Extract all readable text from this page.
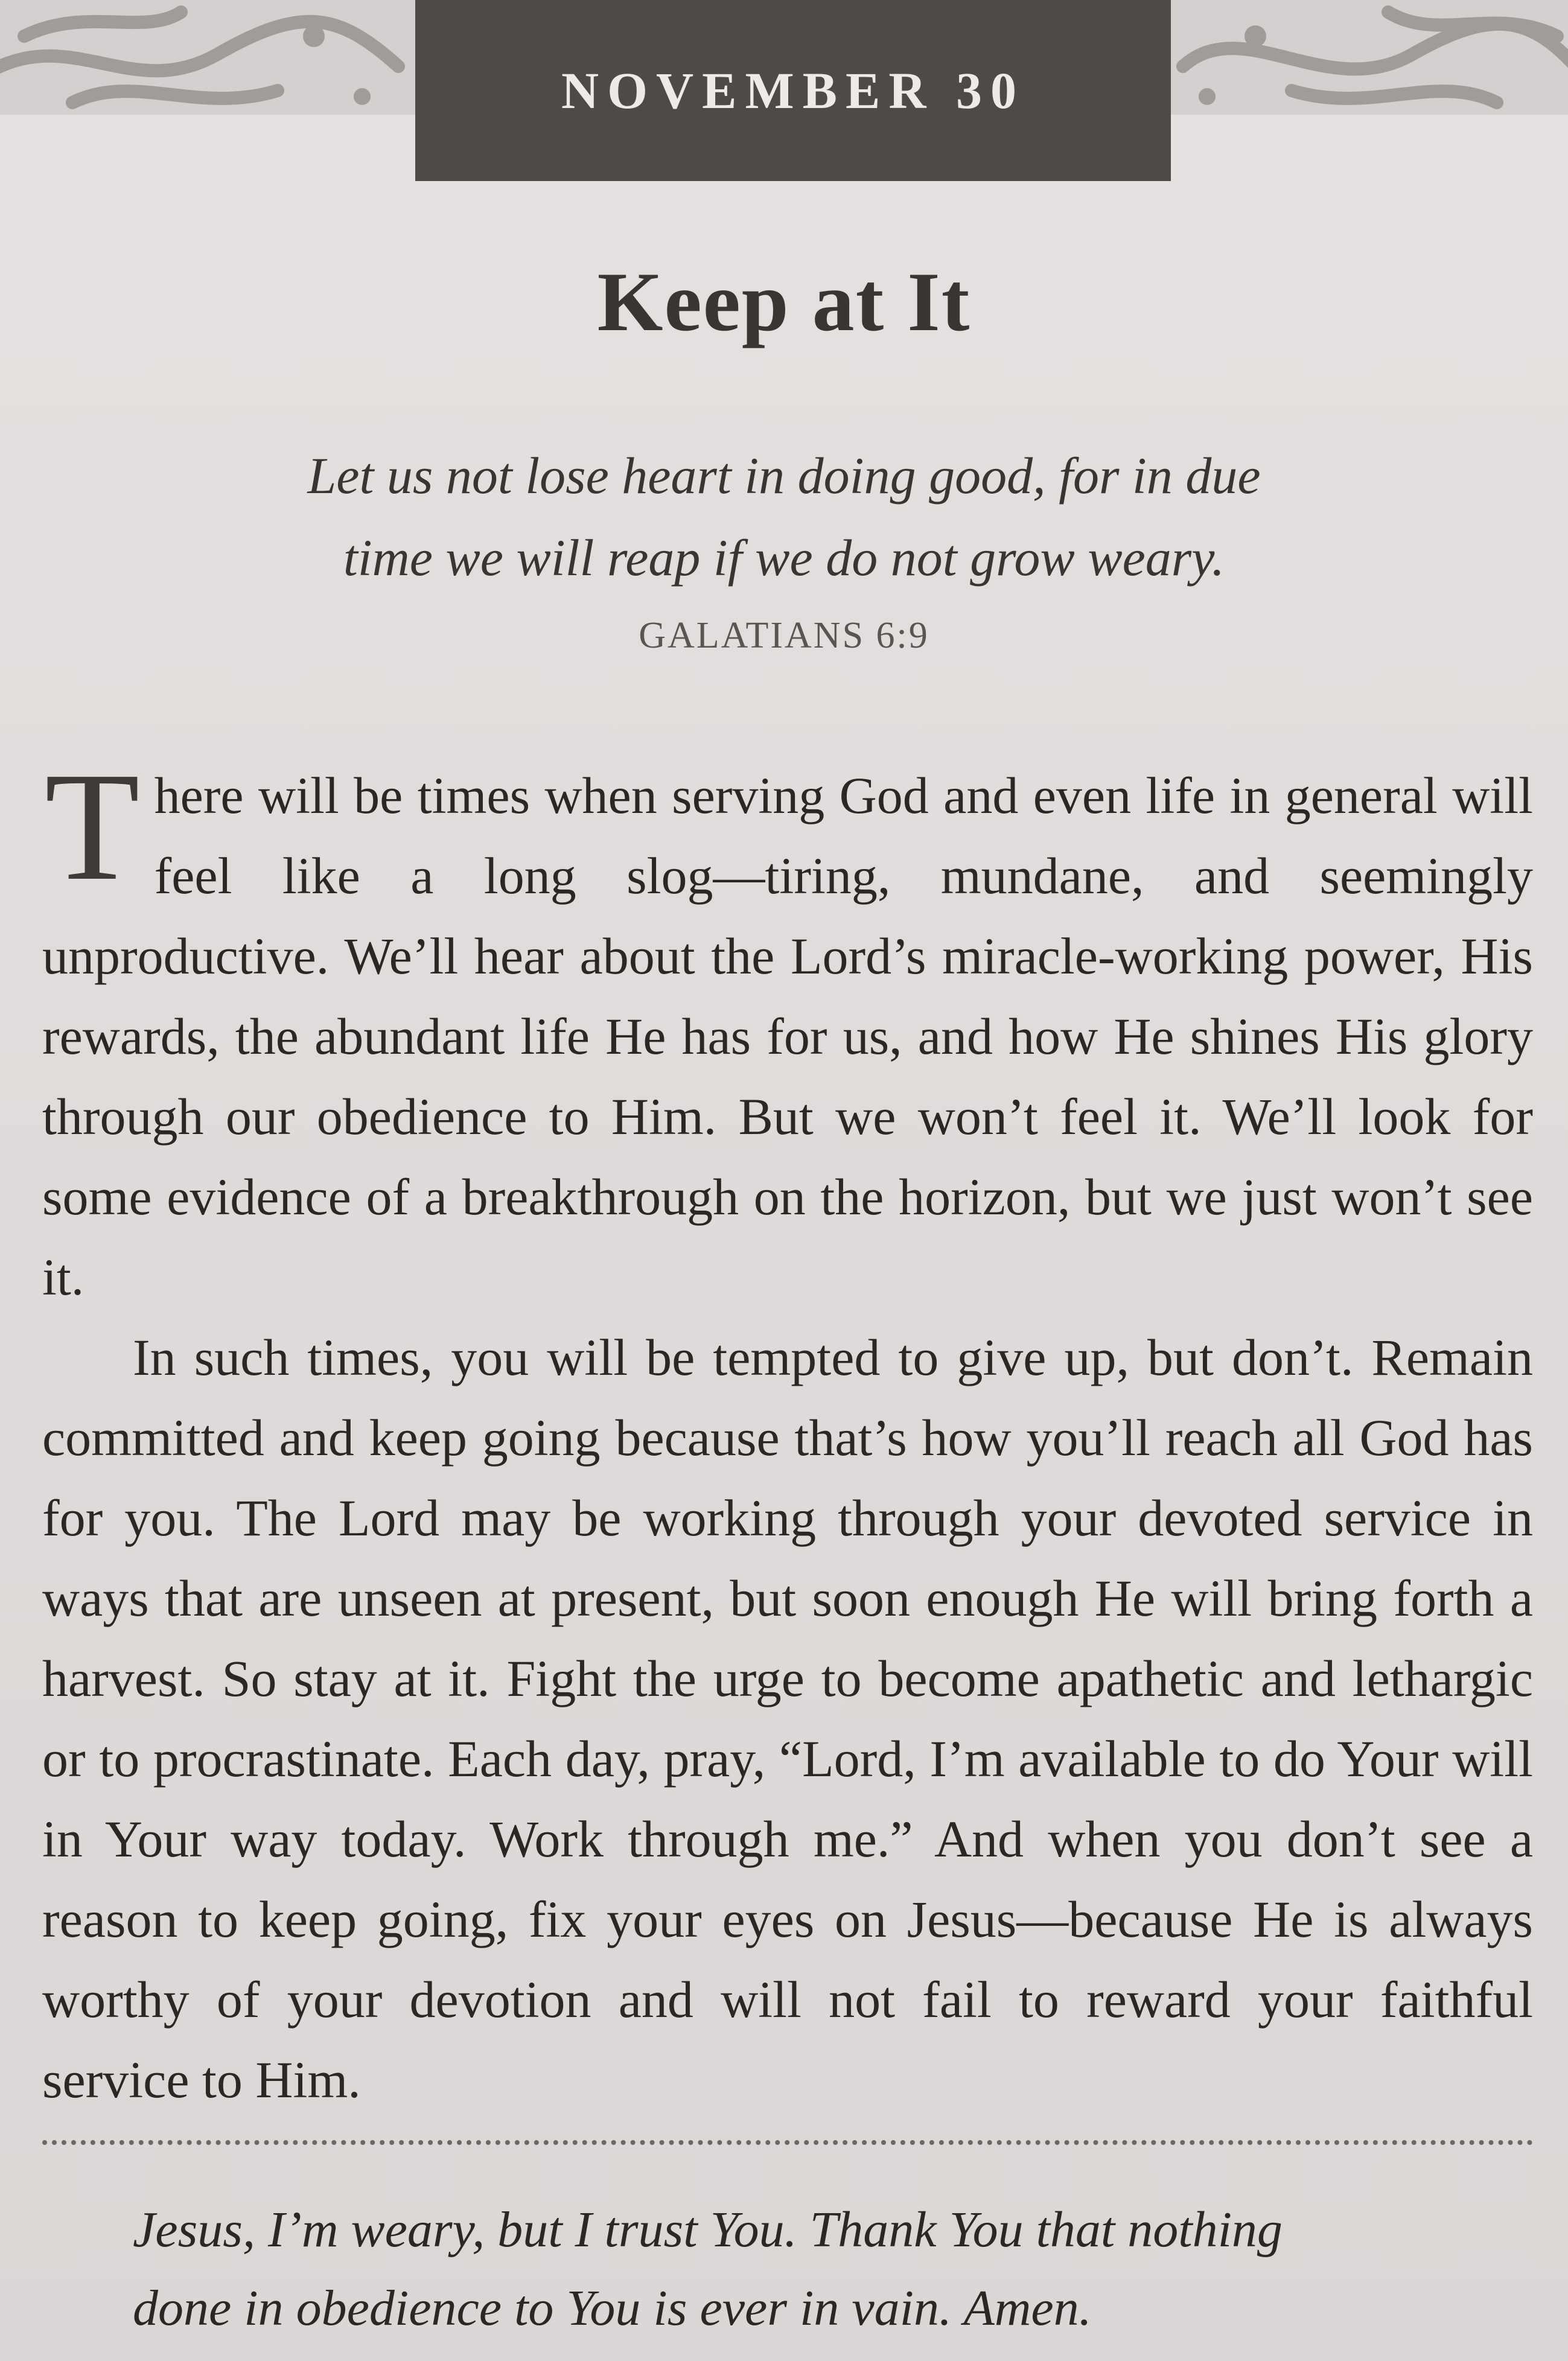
NOVEMBER 30
Keep at It
Let us not lose heart in doing good, for in due
time we will reap if we do not grow weary.
GALATIANS 6:9

There will be times when serving God and even life in general will feel like a long slog—tiring, mundane, and seemingly unproductive. We’ll hear about the Lord’s miracle-working power, His rewards, the abundant life He has for us, and how He shines His glory through our obedience to Him. But we won’t feel it. We’ll look for some evidence of a breakthrough on the horizon, but we just won’t see it.

In such times, you will be tempted to give up, but don’t. Remain committed and keep going because that’s how you’ll reach all God has for you. The Lord may be working through your devoted service in ways that are unseen at present, but soon enough He will bring forth a harvest. So stay at it. Fight the urge to become apathetic and lethargic or to procrastinate. Each day, pray, “Lord, I’m available to do Your will in Your way today. Work through me.” And when you don’t see a reason to keep going, fix your eyes on Jesus—because He is always worthy of your devotion and will not fail to reward your faithful service to Him.

Jesus, I’m weary, but I trust You. Thank You that nothing
done in obedience to You is ever in vain. Amen.
